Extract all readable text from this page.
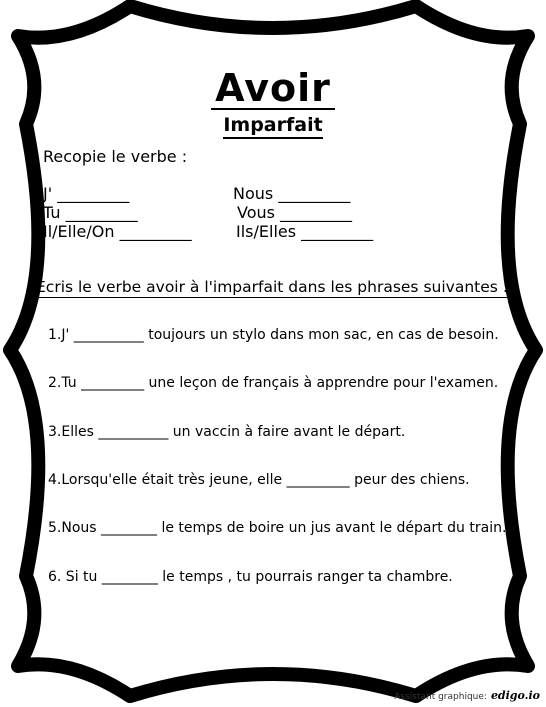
Avoir
Imparfait
Recopie le verbe :
J' _________
Tu _________
Il/Elle/On _________
Nous _________
Vous _________
Ils/Elles _________
Écris le verbe avoir à l'imparfait dans les phrases suivantes :
1.J' __________ toujours un stylo dans mon sac, en cas de besoin.
2.Tu _________ une leçon de français à apprendre pour l'examen.
3.Elles __________ un vaccin à faire avant le départ.
4.Lorsqu'elle était très jeune, elle _________ peur des chiens.
5.Nous ________ le temps de boire un jus avant le départ du train.
6. Si tu ________ le temps , tu pourrais ranger ta chambre.
Assistant graphique: edigo.io
